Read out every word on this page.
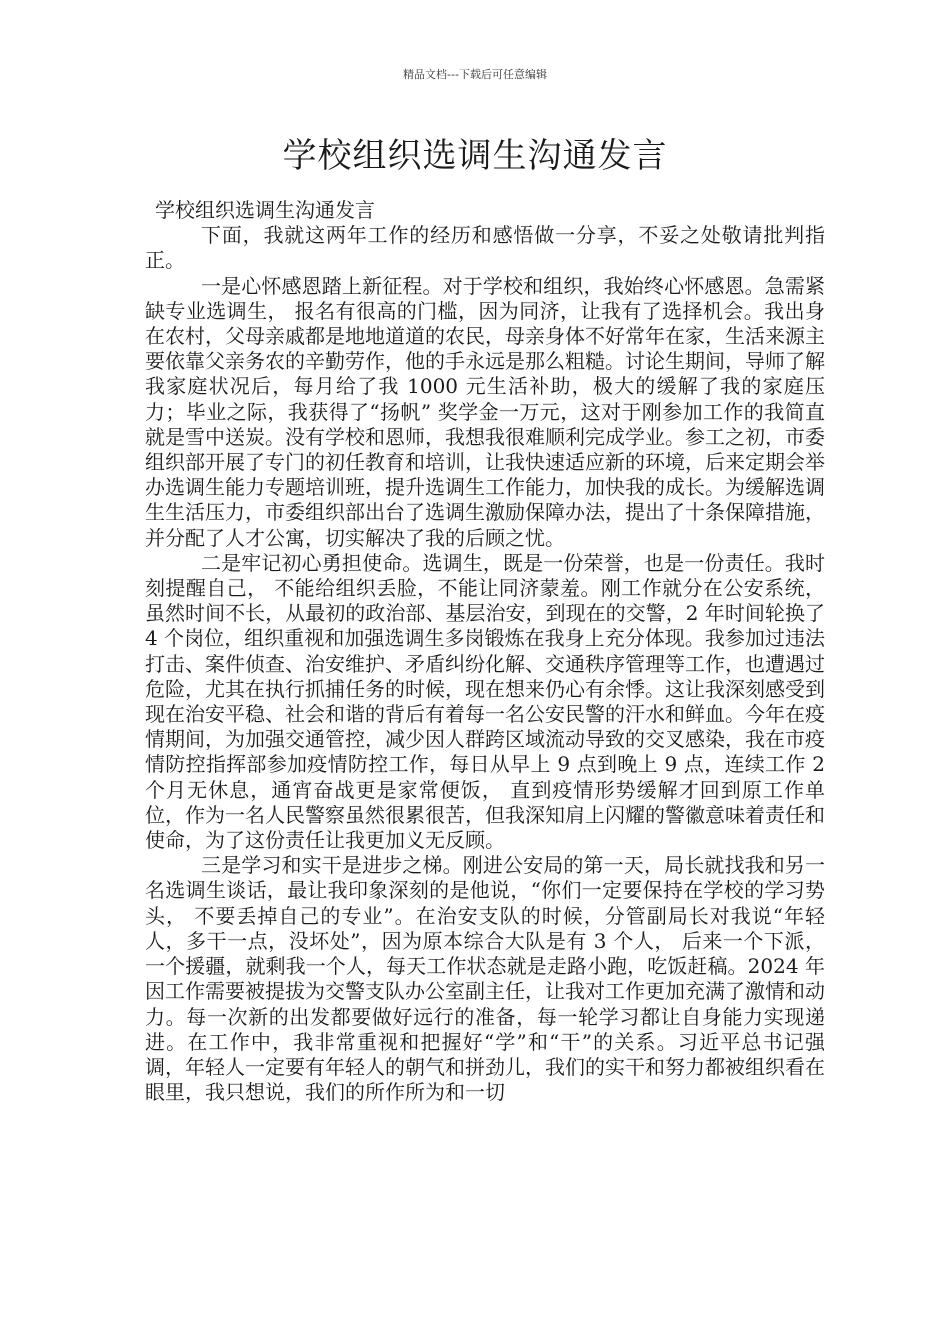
精品文档---下载后可任意编辑
学校组织选调生沟通发言

学校组织选调生沟通发言

下面，我就这两年工作的经历和感悟做一分享，不妥之处敬请批判指正。

一是心怀感恩踏上新征程。对于学校和组织，我始终心怀感恩。急需紧缺专业选调生， 报名有很高的门槛，因为同济，让我有了选择机会。我出身在农村，父母亲戚都是地地道道的农民，母亲身体不好常年在家，生活来源主要依靠父亲务农的辛勤劳作，他的手永远是那么粗糙。讨论生期间，导师了解我家庭状况后，每月给了我 1000 元生活补助，极大的缓解了我的家庭压力；毕业之际，我获得了“扬帆” 奖学金一万元，这对于刚参加工作的我简直就是雪中送炭。没有学校和恩师，我想我很难顺利完成学业。参工之初，市委组织部开展了专门的初任教育和培训，让我快速适应新的环境，后来定期会举办选调生能力专题培训班，提升选调生工作能力，加快我的成长。为缓解选调生生活压力，市委组织部出台了选调生激励保障办法，提出了十条保障措施，并分配了人才公寓，切实解决了我的后顾之忧。

二是牢记初心勇担使命。选调生，既是一份荣誉，也是一份责任。我时刻提醒自己， 不能给组织丢脸，不能让同济蒙羞。刚工作就分在公安系统，虽然时间不长，从最初的政治部、基层治安，到现在的交警，2 年时间轮换了 4 个岗位，组织重视和加强选调生多岗锻炼在我身上充分体现。我参加过违法打击、案件侦查、治安维护、矛盾纠纷化解、交通秩序管理等工作，也遭遇过危险，尤其在执行抓捕任务的时候，现在想来仍心有余悸。这让我深刻感受到现在治安平稳、社会和谐的背后有着每一名公安民警的汗水和鲜血。今年在疫情期间，为加强交通管控，减少因人群跨区域流动导致的交叉感染，我在市疫情防控指挥部参加疫情防控工作，每日从早上 9 点到晚上 9 点，连续工作 2 个月无休息，通宵奋战更是家常便饭， 直到疫情形势缓解才回到原工作单位，作为一名人民警察虽然很累很苦，但我深知肩上闪耀的警徽意味着责任和使命，为了这份责任让我更加义无反顾。

三是学习和实干是进步之梯。刚进公安局的第一天，局长就找我和另一名选调生谈话，最让我印象深刻的是他说，“你们一定要保持在学校的学习势头， 不要丢掉自己的专业”。在治安支队的时候，分管副局长对我说“年轻人，多干一点，没坏处”，因为原本综合大队是有 3 个人， 后来一个下派，一个援疆，就剩我一个人，每天工作状态就是走路小跑，吃饭赶稿。2024 年因工作需要被提拔为交警支队办公室副主任，让我对工作更加充满了激情和动力。每一次新的出发都要做好远行的准备，每一轮学习都让自身能力实现递进。在工作中，我非常重视和把握好“学”和“干”的关系。习近平总书记强调，年轻人一定要有年轻人的朝气和拼劲儿，我们的实干和努力都被组织看在眼里，我只想说，我们的所作所为和一切
